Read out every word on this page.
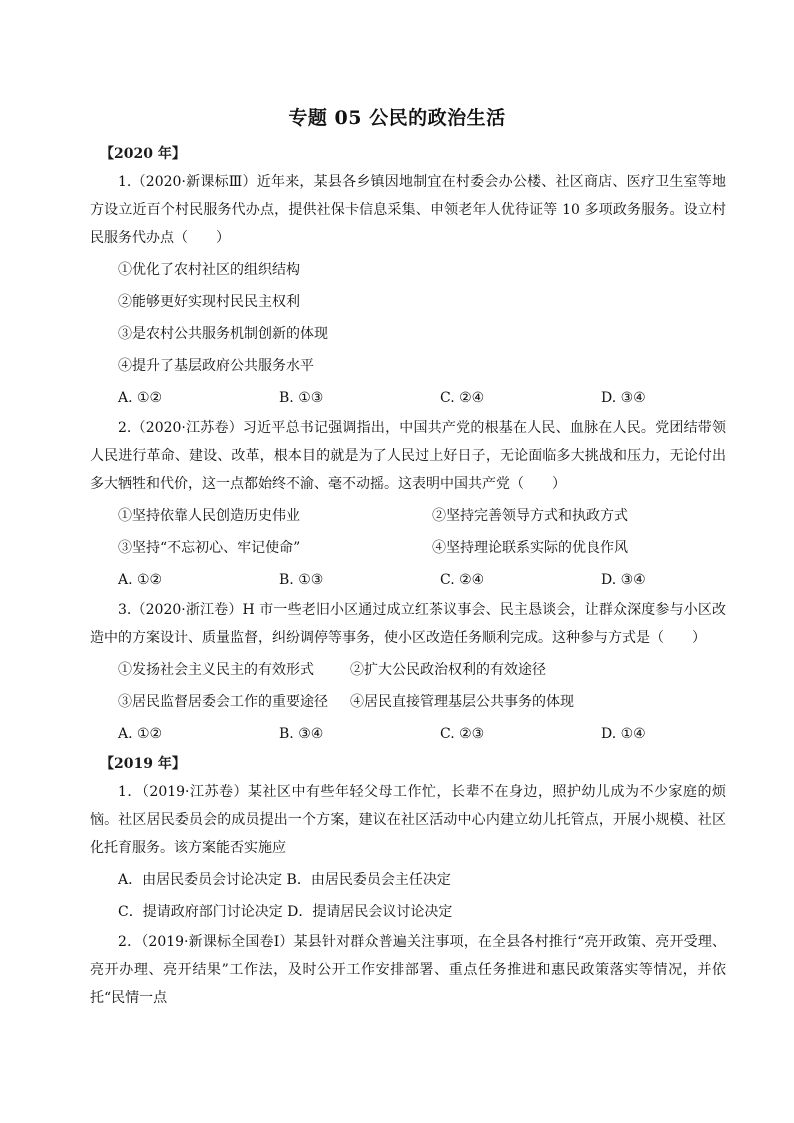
专题 05 公民的政治生活
【2020 年】
1.（2020·新课标Ⅲ）近年来，某县各乡镇因地制宜在村委会办公楼、社区商店、医疗卫生室等地方设立近百个村民服务代办点，提供社保卡信息采集、申领老年人优待证等 10 多项政务服务。设立村民服务代办点（　　）
①优化了农村社区的组织结构
②能够更好实现村民民主权利
③是农村公共服务机制创新的体现
④提升了基层政府公共服务水平
A. ①②	B. ①③	C. ②④	D. ③④
2.（2020·江苏卷）习近平总书记强调指出，中国共产党的根基在人民、血脉在人民。党团结带领人民进行革命、建设、改革，根本目的就是为了人民过上好日子，无论面临多大挑战和压力，无论付出多大牺牲和代价，这一点都始终不渝、毫不动摇。这表明中国共产党（　　）
①坚持依靠人民创造历史伟业	②坚持完善领导方式和执政方式
③坚持“不忘初心、牢记使命”	④坚持理论联系实际的优良作风
A. ①②	B. ①③	C. ②④	D. ③④
3.（2020·浙江卷）H 市一些老旧小区通过成立红茶议事会、民主恳谈会，让群众深度参与小区改造中的方案设计、质量监督，纠纷调停等事务，使小区改造任务顺利完成。这种参与方式是（　　）
①发扬社会主义民主的有效形式	②扩大公民政治权利的有效途径
③居民监督居委会工作的重要途径	④居民直接管理基层公共事务的体现
A. ①②	B. ③④	C. ②③	D. ①④
【2019 年】
1．（2019·江苏卷）某社区中有些年轻父母工作忙，长辈不在身边，照护幼儿成为不少家庭的烦恼。社区居民委员会的成员提出一个方案，建议在社区活动中心内建立幼儿托管点，开展小规模、社区化托育服务。该方案能否实施应
A．由居民委员会讨论决定 B．由居民委员会主任决定
C．提请政府部门讨论决定 D．提请居民会议讨论决定
2．（2019·新课标全国卷Ⅰ）某县针对群众普遍关注事项，在全县各村推行“亮开政策、亮开受理、亮开办理、亮开结果”工作法，及时公开工作安排部署、重点任务推进和惠民政策落实等情况，并依托“民情一点
